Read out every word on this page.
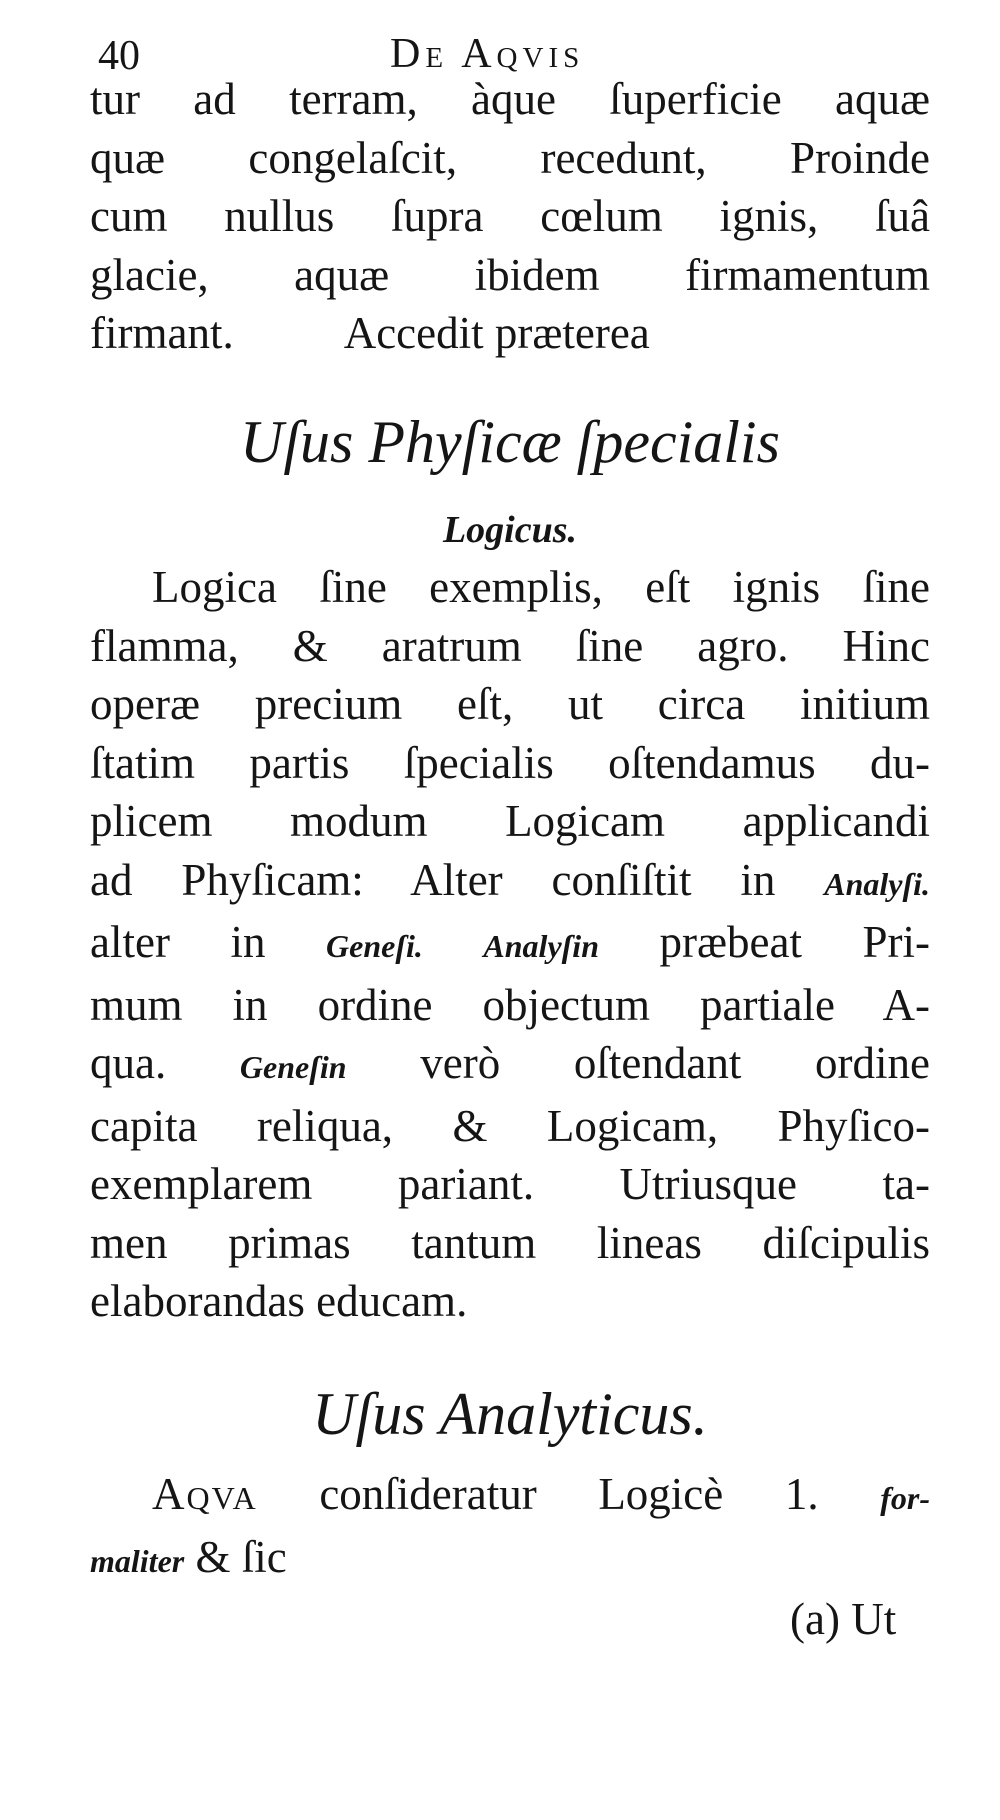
40	De Aqvis
tur ad terram, àque ſuperficie aquæ
quæ congelaſcit, recedunt, Proinde
cum nullus ſupra cœlum ignis, ſuâ
glacie, aquæ ibidem firmamentum
firmant. Accedit præterea
Uſus Phyſicæ ſpecialis
Logicus.
Logica ſine exemplis, eſt ignis ſine
flamma, & aratrum ſine agro. Hinc
operæ precium eſt, ut circa initium
ſtatim partis ſpecialis oſtendamus du-
plicem modum Logicam applicandi
ad Phyſicam: Alter conſiſtit in Analyſi.
alter in Geneſi. Analyſin præbeat Pri-
mum in ordine objectum partiale A-
qua. Geneſin verò oſtendant ordine
capita reliqua, & Logicam, Phyſico-
exemplarem pariant. Utriusque ta-
men primas tantum lineas diſcipulis
elaborandas educam.
Uſus Analyticus.
Aqva conſideratur Logicè 1. for-
maliter & ſic
(a) Ut
